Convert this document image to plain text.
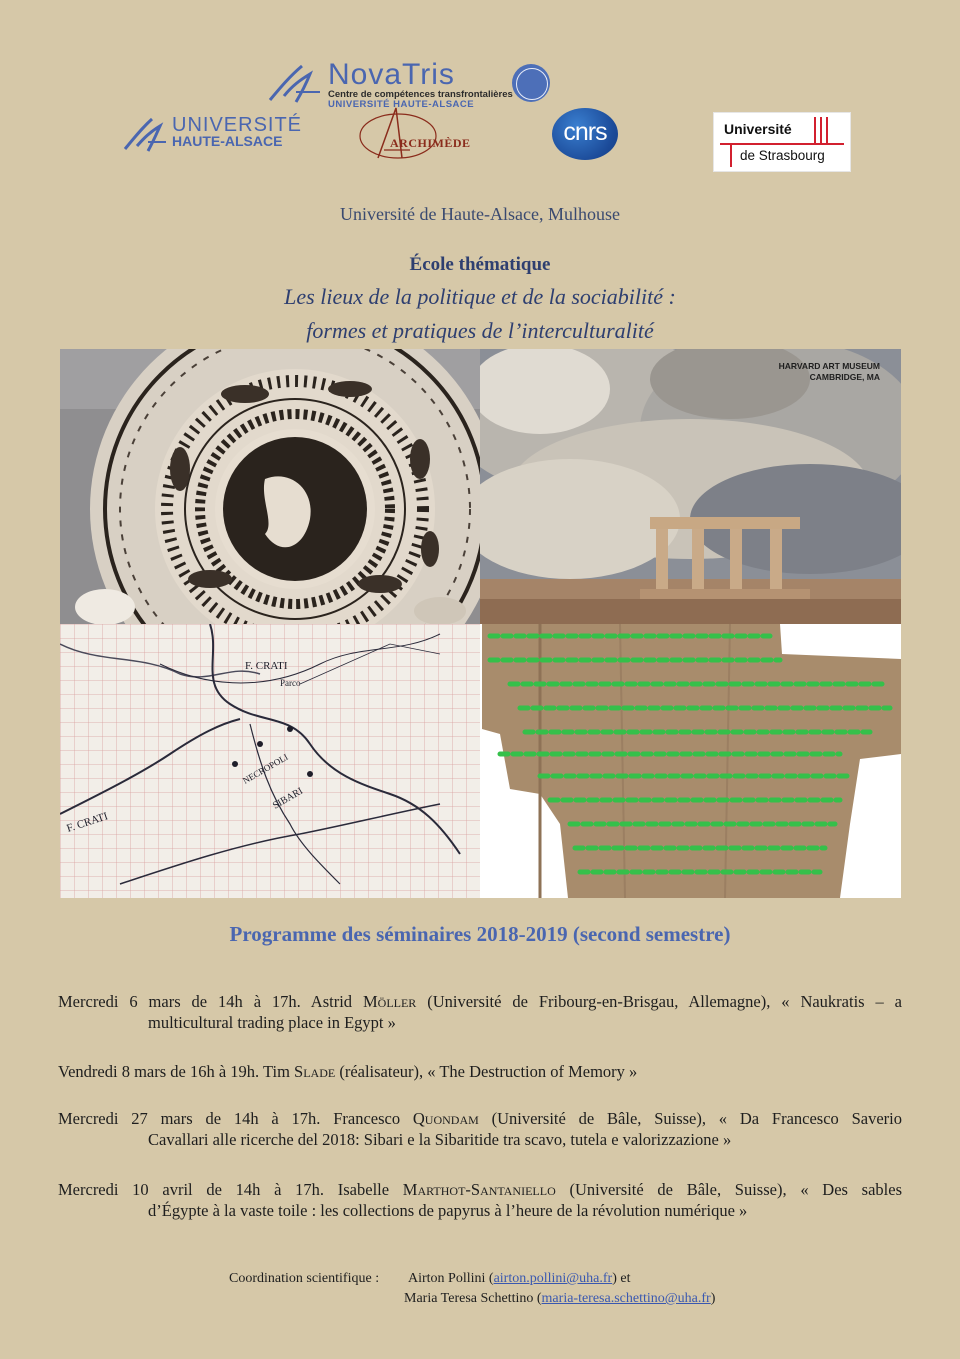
NovaTris
Centre de compétences transfrontalières
UNIVERSITÉ HAUTE-ALSACE
UNIVERSITÉ
HAUTE-ALSACE	ARCHIMÈDE	cnrs	Université
de Strasbourg
Université de Haute-Alsace, Mulhouse
École thématique
Les lieux de la politique et de la sociabilité :
formes et pratiques de l’interculturalité
HARVARD ART MUSEUM
CAMBRIDGE, MA
F. CRATI
F. CRATI
SIBARI
NECROPOLI
Parco
Programme des séminaires 2018-2019 (second semestre)
Mercredi 6 mars de 14h à 17h. Astrid Möller (Université de Fribourg-en-Brisgau, Allemagne), « Naukratis – a
multicultural trading place in Egypt »
Vendredi 8 mars de 16h à 19h. Tim Slade (réalisateur), « The Destruction of Memory »
Mercredi 27 mars de 14h à 17h. Francesco Quondam (Université de Bâle, Suisse), « Da Francesco Saverio
Cavallari alle ricerche del 2018: Sibari e la Sibaritide tra scavo, tutela e valorizzazione »
Mercredi 10 avril de 14h à 17h. Isabelle Marthot-Santaniello (Université de Bâle, Suisse), « Des sables
d’Égypte à la vaste toile : les collections de papyrus à l’heure de la révolution numérique »
Coordination scientifique : Airton Pollini (airton.pollini@uha.fr) et
Maria Teresa Schettino (maria-teresa.schettino@uha.fr)
